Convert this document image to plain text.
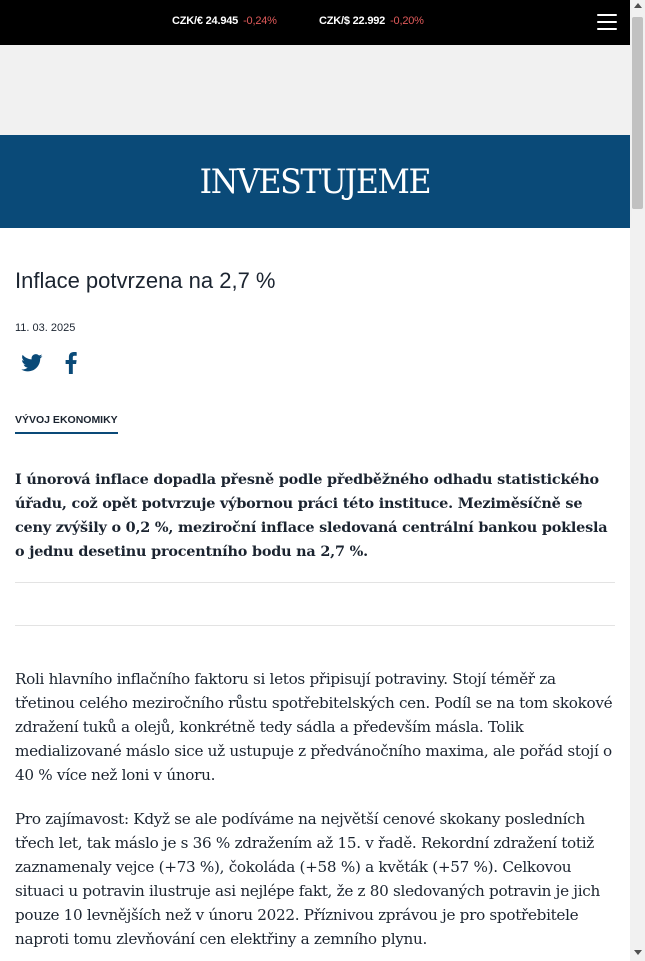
CZK/€ 24.945 -0,24%	CZK/$ 22.992 -0,20%
INVESTUJEME
Inflace potvrzena na 2,7 %
11. 03. 2025
VÝVOJ EKONOMIKY

I únorová inflace dopadla přesně podle předběžného odhadu statistického úřadu, což opět potvrzuje výbornou práci této instituce. Meziměsíčně se ceny zvýšily o 0,2 %, meziroční inflace sledovaná centrální bankou poklesla o jednu desetinu procentního bodu na 2,7 %.

Roli hlavního inflačního faktoru si letos připisují potraviny. Stojí téměř za třetinou celého meziročního růstu spotřebitelských cen. Podíl se na tom skokové zdražení tuků a olejů, konkrétně tedy sádla a především másla. Tolik medializované máslo sice už ustupuje z předvánočního maxima, ale pořád stojí o 40 % více než loni v únoru.

Pro zajímavost: Když se ale podíváme na největší cenové skokany posledních třech let, tak máslo je s 36 % zdražením až 15. v řadě. Rekordní zdražení totiž zaznamenaly vejce (+73 %), čokoláda (+58 %) a květák (+57 %). Celkovou situaci u potravin ilustruje asi nejlépe fakt, že z 80 sledovaných potravin je jich pouze 10 levnějších než v únoru 2022. Příznivou zprávou je pro spotřebitele naproti tomu zlevňování cen elektřiny a zemního plynu.
